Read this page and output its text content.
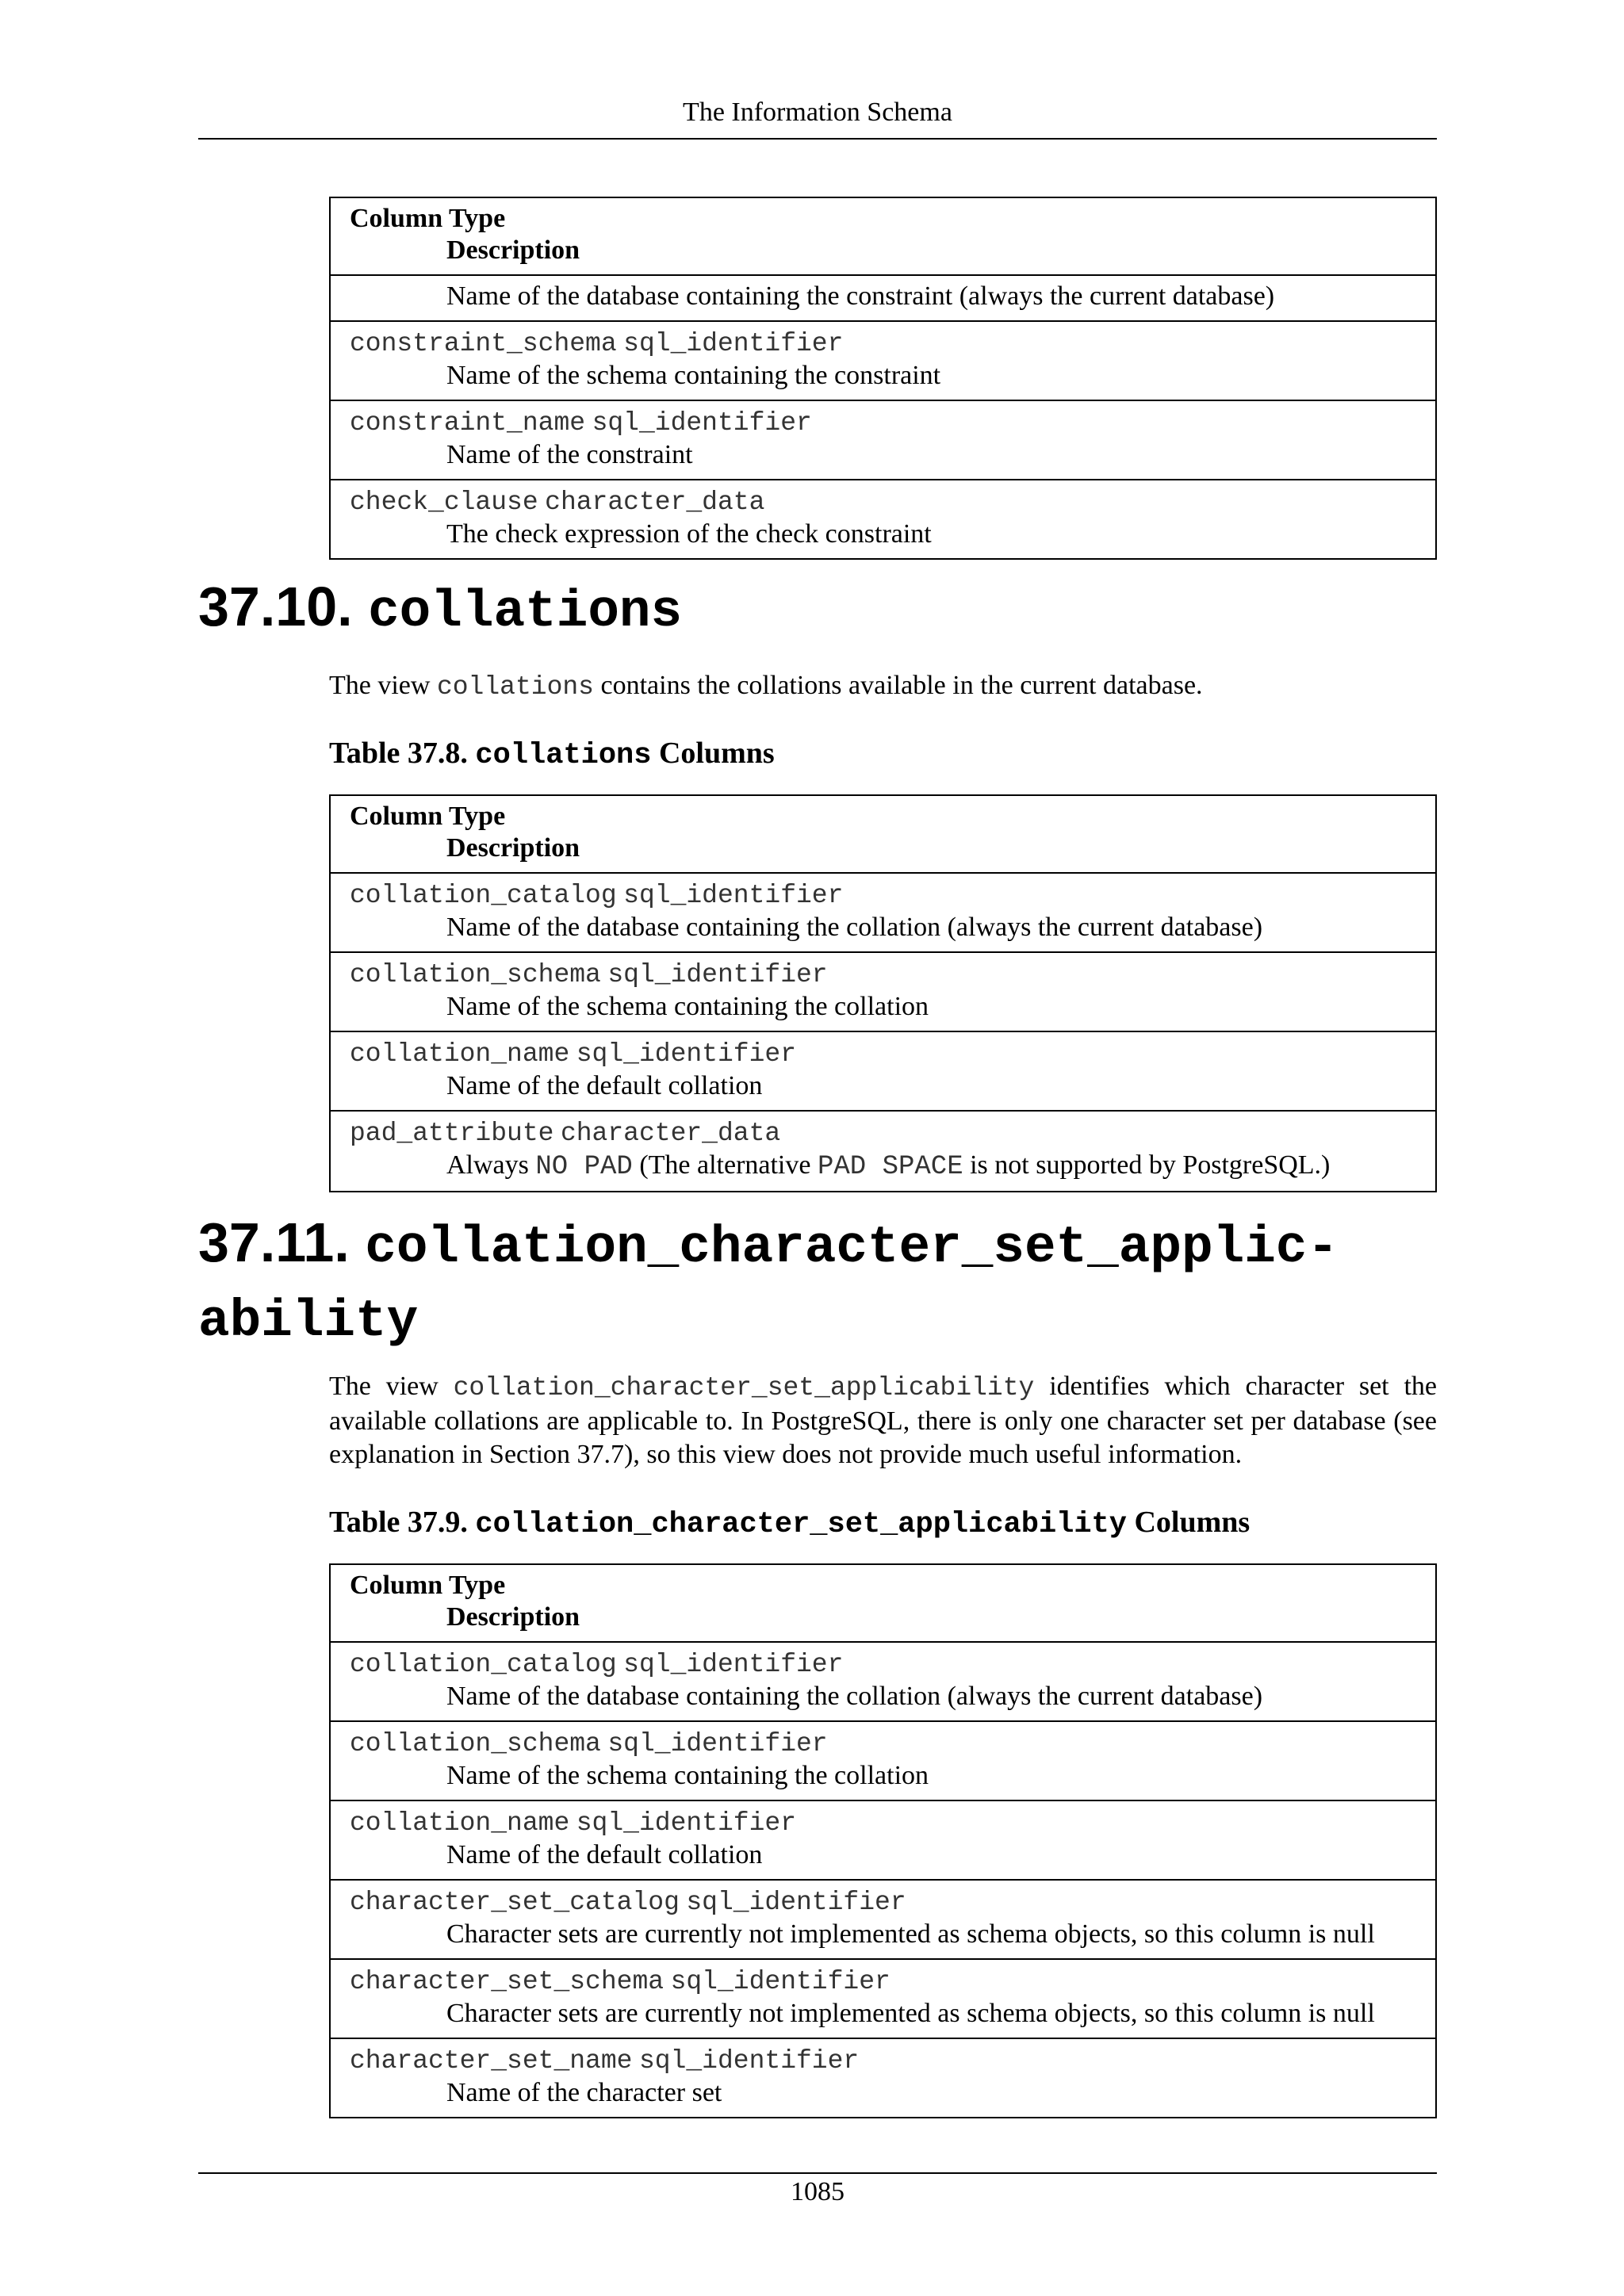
The Information Schema
Column Type
Description

Name of the database containing the constraint (always the current database)

constraint_schema sql_identifier
Name of the schema containing the constraint

constraint_name sql_identifier
Name of the constraint

check_clause character_data
The check expression of the check constraint
37.10. collations
The view collations contains the collations available in the current database.
Table 37.8. collations Columns
Column Type
Description

collation_catalog sql_identifier
Name of the database containing the collation (always the current database)

collation_schema sql_identifier
Name of the schema containing the collation

collation_name sql_identifier
Name of the default collation

pad_attribute character_data
Always NO PAD (The alternative PAD SPACE is not supported by PostgreSQL.)
37.11. collation_character_set_applic-
ability
The view collation_character_set_applicability identifies which character set the available collations are applicable to. In PostgreSQL, there is only one character set per database (see explanation in Section 37.7), so this view does not provide much useful information.
Table 37.9. collation_character_set_applicability Columns
Column Type
Description

collation_catalog sql_identifier
Name of the database containing the collation (always the current database)

collation_schema sql_identifier
Name of the schema containing the collation

collation_name sql_identifier
Name of the default collation

character_set_catalog sql_identifier
Character sets are currently not implemented as schema objects, so this column is null

character_set_schema sql_identifier
Character sets are currently not implemented as schema objects, so this column is null

character_set_name sql_identifier
Name of the character set
1085
